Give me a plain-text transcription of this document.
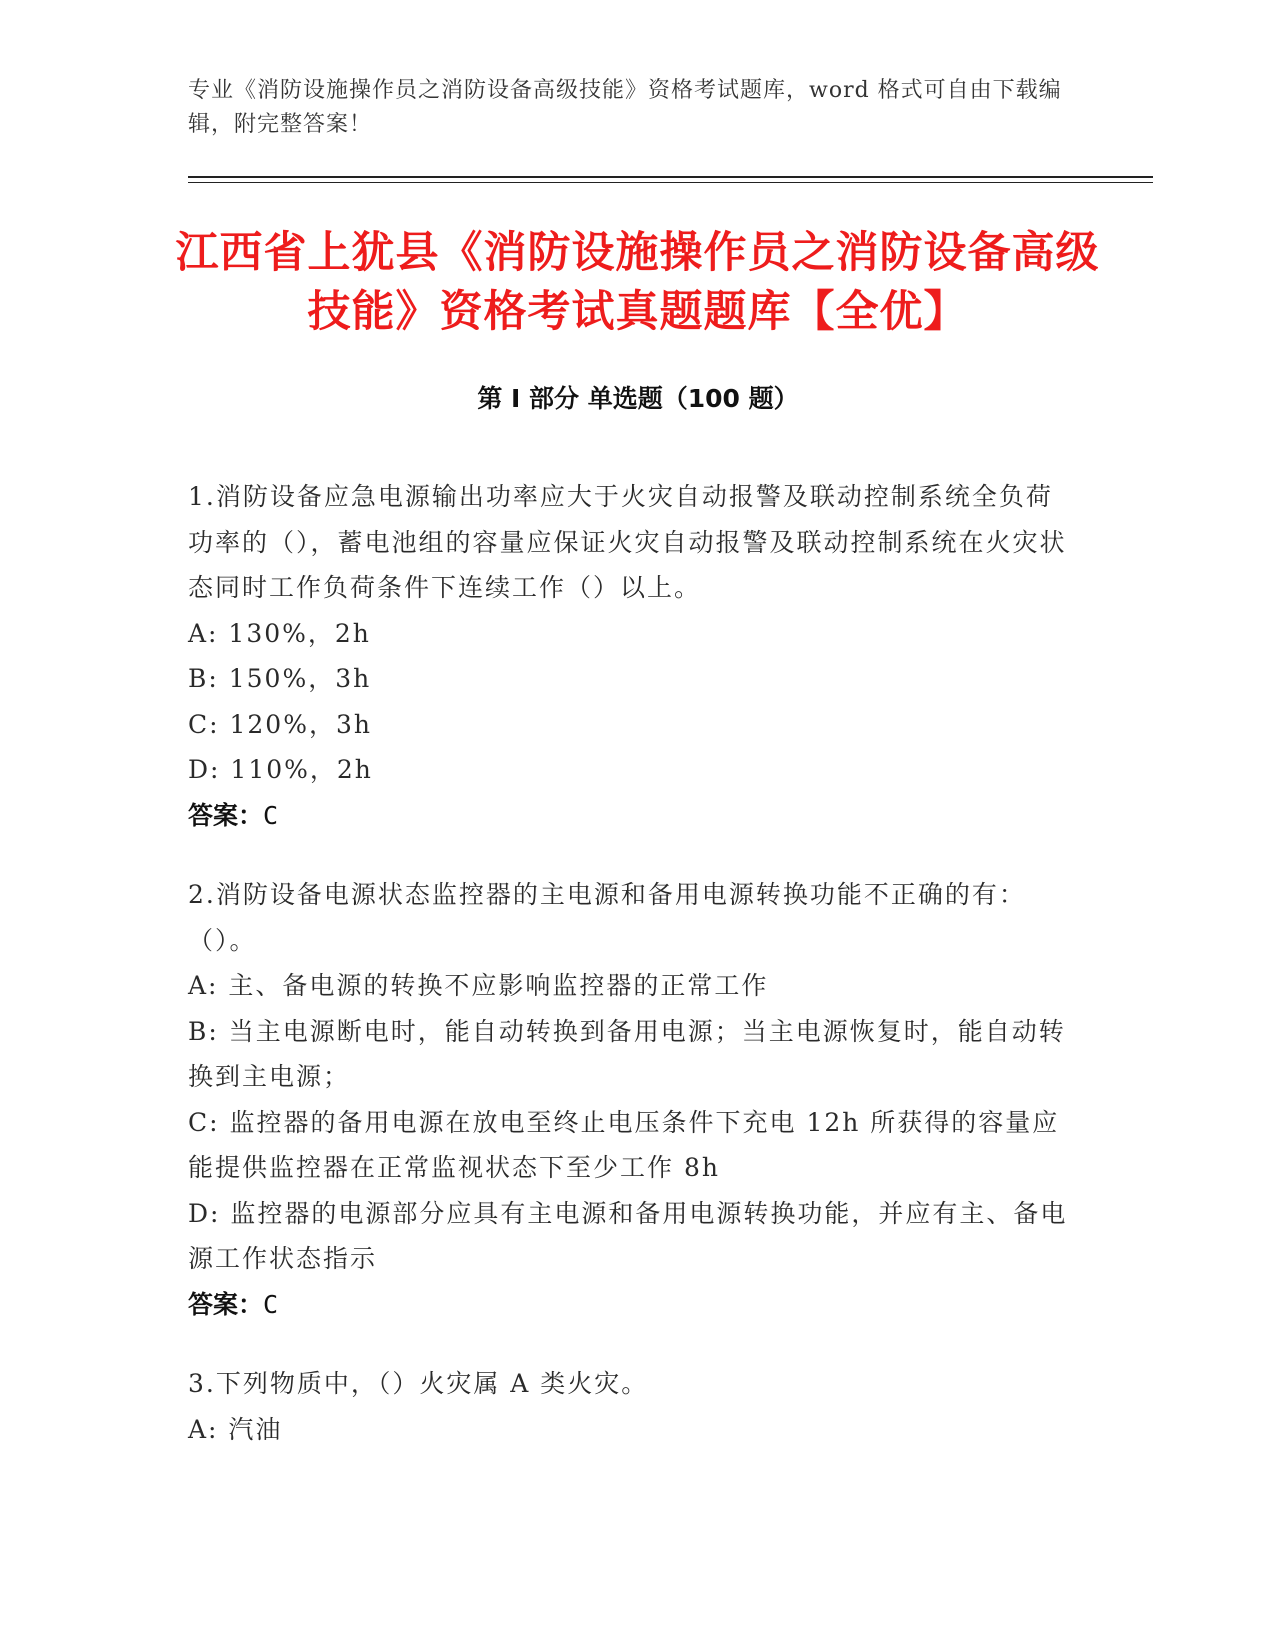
专业《消防设施操作员之消防设备高级技能》资格考试题库，word 格式可自由下载编辑，附完整答案！
江西省上犹县《消防设施操作员之消防设备高级技能》资格考试真题题库【全优】
第 I 部分 单选题（100 题）
1.消防设备应急电源输出功率应大于火灾自动报警及联动控制系统全负荷功率的（），蓄电池组的容量应保证火灾自动报警及联动控制系统在火灾状态同时工作负荷条件下连续工作（）以上。
A: 130%，2h
B: 150%，3h
C: 120%，3h
D: 110%，2h
答案：C
2.消防设备电源状态监控器的主电源和备用电源转换功能不正确的有：（）。
A: 主、备电源的转换不应影响监控器的正常工作
B: 当主电源断电时，能自动转换到备用电源；当主电源恢复时，能自动转换到主电源；
C: 监控器的备用电源在放电至终止电压条件下充电 12h 所获得的容量应能提供监控器在正常监视状态下至少工作 8h
D: 监控器的电源部分应具有主电源和备用电源转换功能，并应有主、备电源工作状态指示
答案：C
3.下列物质中，（）火灾属 A 类火灾。
A: 汽油
